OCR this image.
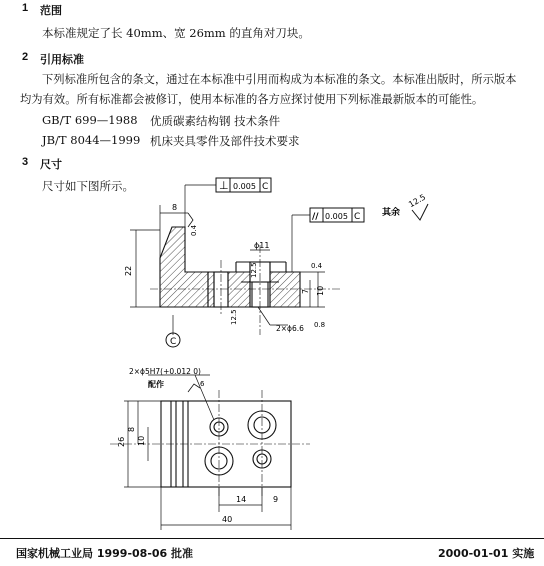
1 范围
本标准规定了长 40mm、宽 26mm 的直角对刀块。
2 引用标准
下列标准所包含的条文，通过在本标准中引用而构成为本标准的条文。本标准出版时，所示版本
均为有效。所有标准都会被修订，使用本标准的各方应探讨使用下列标准最新版本的可能性。
GB/T 699—1988 优质碳素结构钢 技术条件
JB/T 8044—1999 机床夹具零件及部件技术要求
3 尺寸
尺寸如下图所示。	⊥ 0.005 C
// 0.005 C 其余
12.5
0.4
0.4
0.8
12.5
12.5
8
22
7 10
ϕ11
2×ϕ6.6
C
2×ϕ5H7(+0.012 0)
配作	6
26
8
10
14	9
40
国家机械工业局 1999-08-06 批准	2000-01-01 实施
